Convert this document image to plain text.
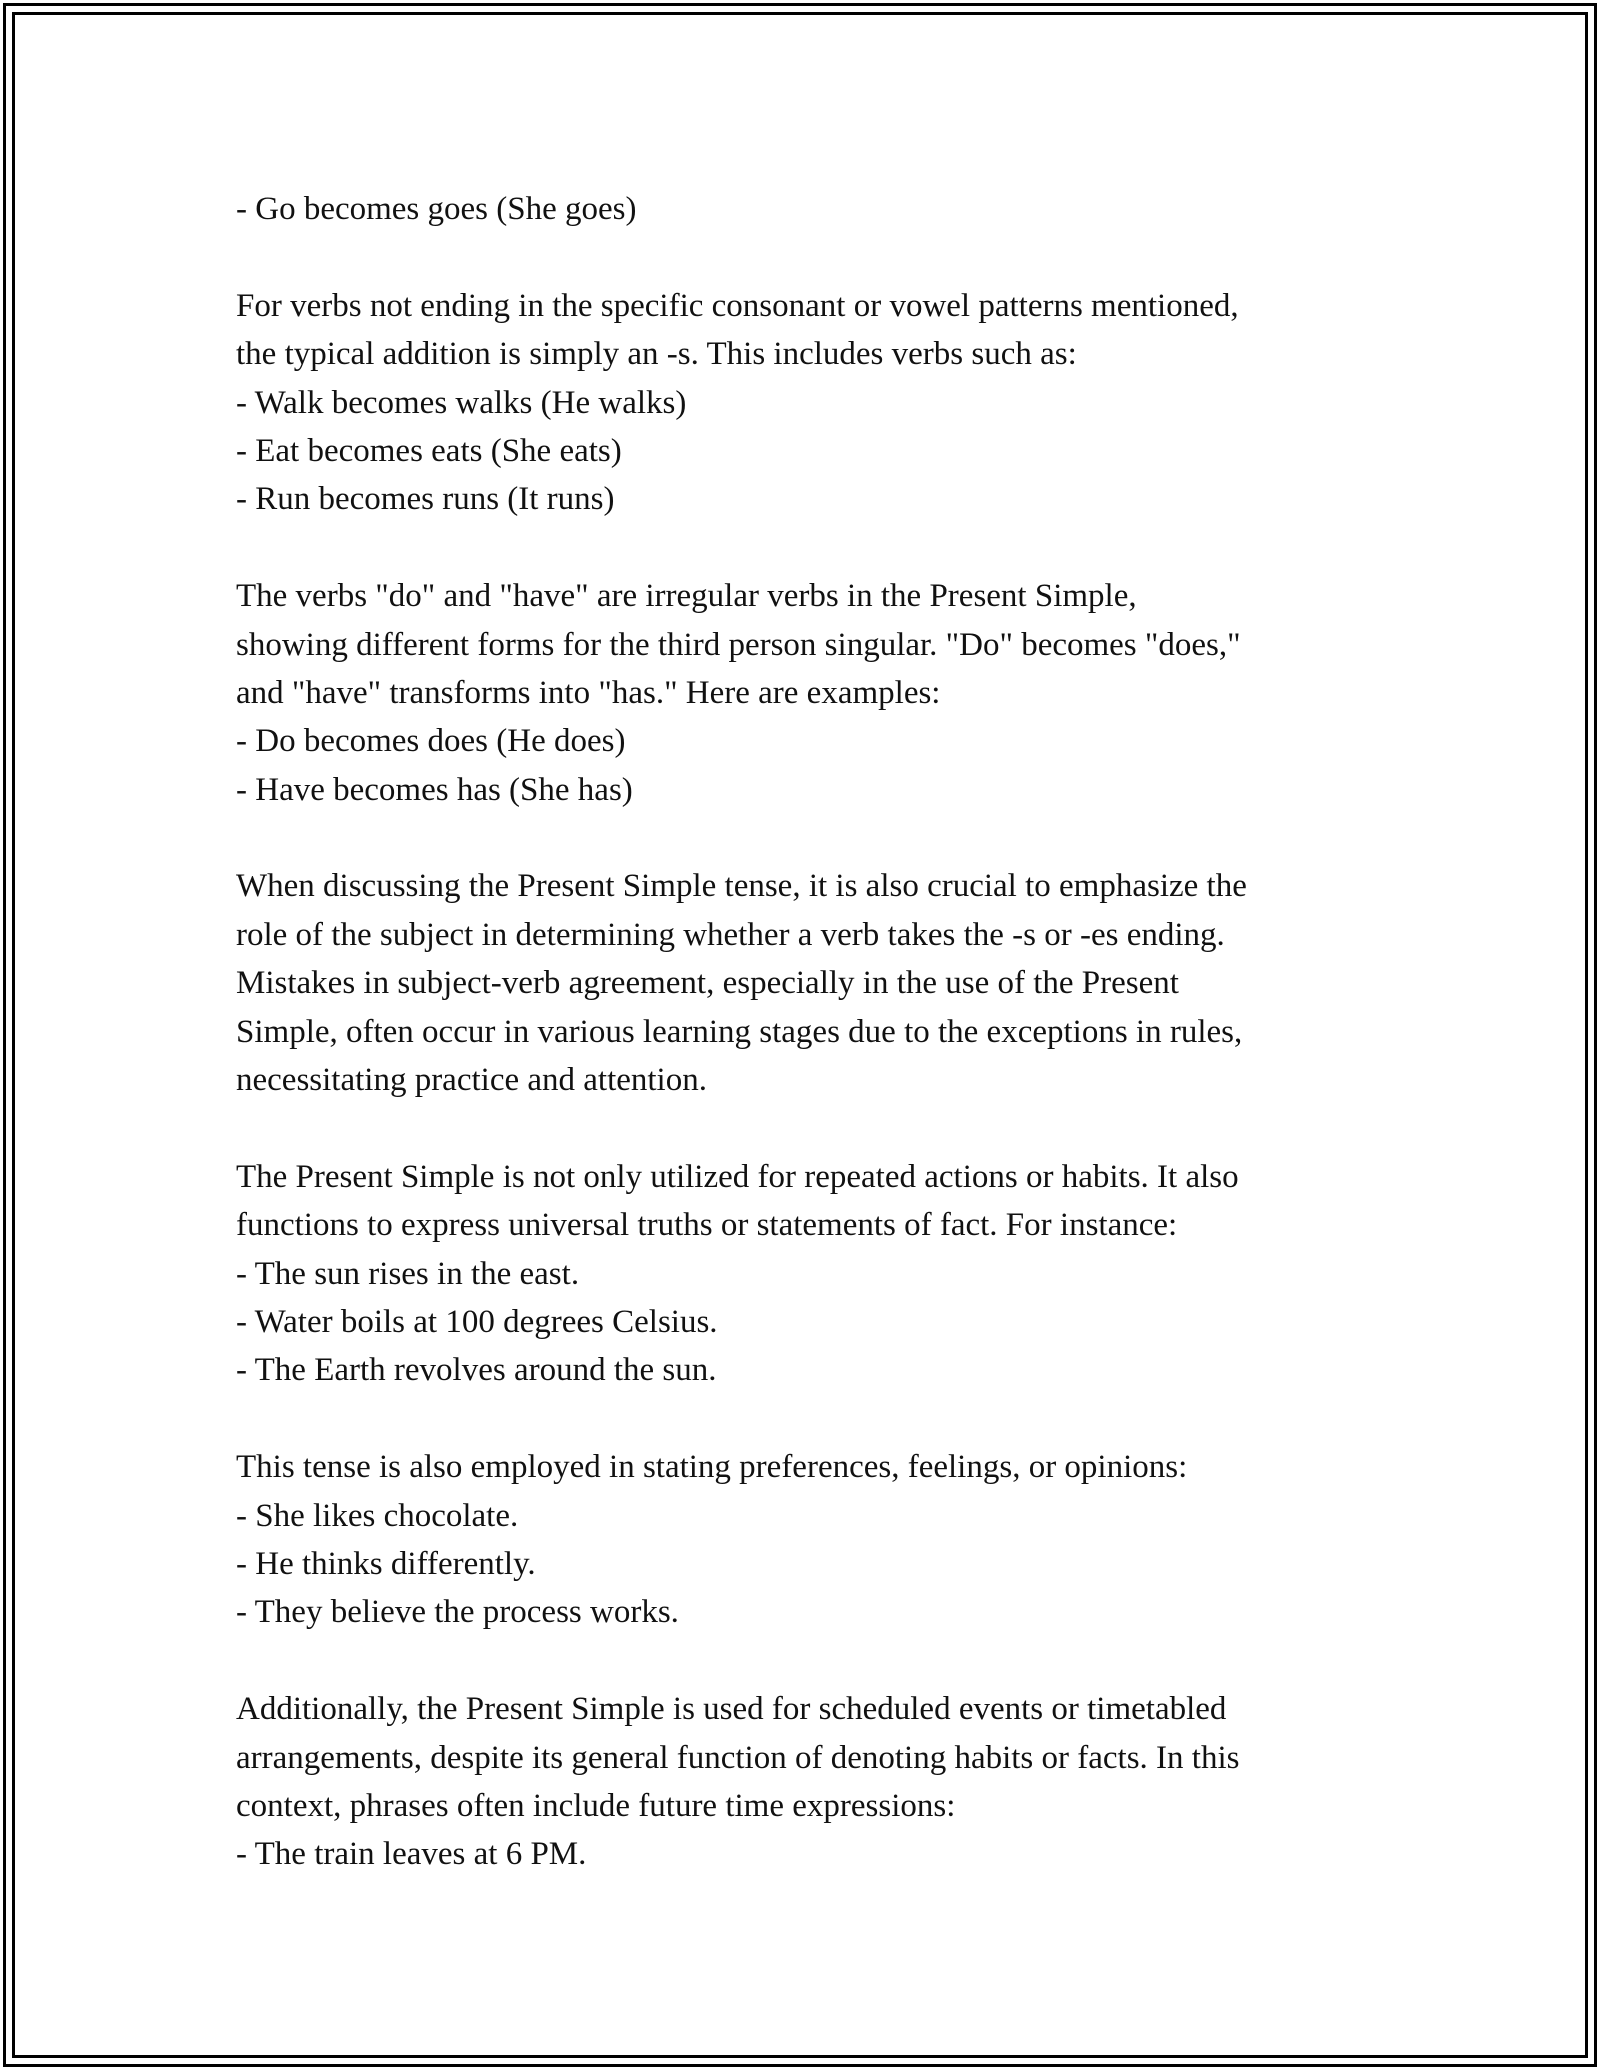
- Go becomes goes (She goes)
For verbs not ending in the specific consonant or vowel patterns mentioned,
the typical addition is simply an -s. This includes verbs such as:
- Walk becomes walks (He walks)
- Eat becomes eats (She eats)
- Run becomes runs (It runs)
The verbs "do" and "have" are irregular verbs in the Present Simple,
showing different forms for the third person singular. "Do" becomes "does,"
and "have" transforms into "has." Here are examples:
- Do becomes does (He does)
- Have becomes has (She has)
When discussing the Present Simple tense, it is also crucial to emphasize the
role of the subject in determining whether a verb takes the -s or -es ending.
Mistakes in subject-verb agreement, especially in the use of the Present
Simple, often occur in various learning stages due to the exceptions in rules,
necessitating practice and attention.
The Present Simple is not only utilized for repeated actions or habits. It also
functions to express universal truths or statements of fact. For instance:
- The sun rises in the east.
- Water boils at 100 degrees Celsius.
- The Earth revolves around the sun.
This tense is also employed in stating preferences, feelings, or opinions:
- She likes chocolate.
- He thinks differently.
- They believe the process works.
Additionally, the Present Simple is used for scheduled events or timetabled
arrangements, despite its general function of denoting habits or facts. In this
context, phrases often include future time expressions:
- The train leaves at 6 PM.
